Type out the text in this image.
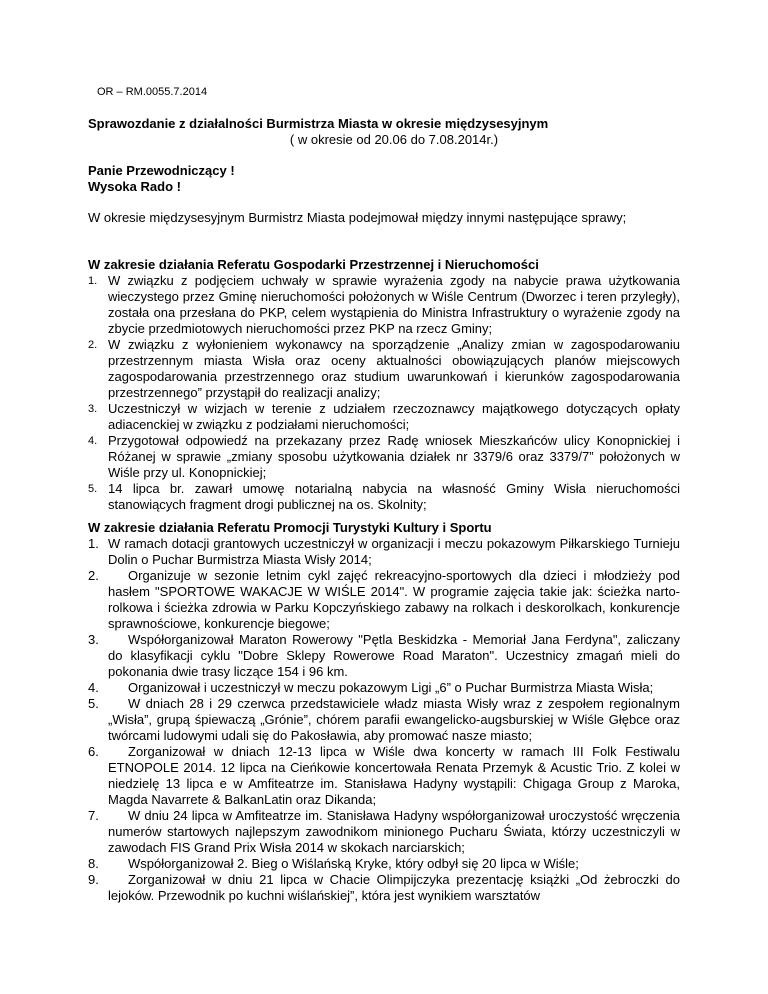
OR – RM.0055.7.2014
Sprawozdanie z działalności Burmistrza Miasta w okresie międzysesyjnym
( w okresie od 20.06 do 7.08.2014r.)
Panie Przewodniczący !
Wysoka Rado !
W okresie międzysesyjnym Burmistrz Miasta podejmował między innymi następujące sprawy;
W zakresie działania Referatu Gospodarki Przestrzennej i Nieruchomości
1. W związku z podjęciem uchwały w sprawie wyrażenia zgody na nabycie prawa użytkowania wieczystego przez Gminę nieruchomości położonych w Wiśle Centrum (Dworzec i teren przyległy), została ona przesłana do PKP, celem wystąpienia do Ministra Infrastruktury o wyrażenie zgody na zbycie przedmiotowych nieruchomości przez PKP na rzecz Gminy;
2. W związku z wyłonieniem wykonawcy na sporządzenie „Analizy zmian w zagospodarowaniu przestrzennym miasta Wisła oraz oceny aktualności obowiązujących planów miejscowych zagospodarowania przestrzennego oraz studium uwarunkowań i kierunków zagospodarowania przestrzennego” przystąpił do realizacji analizy;
3. Uczestniczył w wizjach w terenie z udziałem rzeczoznawcy majątkowego dotyczących opłaty adiacenckiej w związku z podziałami nieruchomości;
4. Przygotował odpowiedź na przekazany przez Radę wniosek Mieszkańców ulicy Konopnickiej i Różanej w sprawie „zmiany sposobu użytkowania działek nr 3379/6 oraz 3379/7” położonych w Wiśle przy ul. Konopnickiej;
5. 14 lipca br. zawarł umowę notarialną nabycia na własność Gminy Wisła nieruchomości stanowiących fragment drogi publicznej na os. Skolnity;
W zakresie działania Referatu Promocji Turystyki Kultury i Sportu
1. W ramach dotacji grantowych uczestniczył w organizacji i meczu pokazowym Piłkarskiego Turnieju Dolin o Puchar Burmistrza Miasta Wisły 2014;
2. Organizuje w sezonie letnim cykl zajęć rekreacyjno-sportowych dla dzieci i młodzieży pod hasłem "SPORTOWE WAKACJE W WIŚLE 2014". W programie zajęcia takie jak: ścieżka narto-rolkowa i ścieżka zdrowia w Parku Kopczyńskiego zabawy na rolkach i deskorolkach, konkurencje sprawnościowe, konkurencje biegowe;
3. Współorganizował Maraton Rowerowy "Pętla Beskidzka - Memoriał Jana Ferdyna", zaliczany do klasyfikacji cyklu "Dobre Sklepy Rowerowe Road Maraton". Uczestnicy zmagań mieli do pokonania dwie trasy liczące 154 i 96 km.
4. Organizował i uczestniczył w meczu pokazowym Ligi „6” o Puchar Burmistrza Miasta Wisła;
5. W dniach 28 i 29 czerwca przedstawiciele władz miasta Wisły wraz z zespołem regionalnym „Wisła”, grupą śpiewaczą „Grónie”, chórem parafii ewangelicko-augsburskiej w Wiśle Głębce oraz twórcami ludowymi udali się do Pakosławia, aby promować nasze miasto;
6. Zorganizował w dniach 12-13 lipca w Wiśle dwa koncerty w ramach III Folk Festiwalu ETNOPOLE 2014. 12 lipca na Cieńkowie koncertowała Renata Przemyk & Acustic Trio. Z kolei w niedzielę 13 lipca e w Amfiteatrze im. Stanisława Hadyny wystąpili: Chigaga Group z Maroka, Magda Navarrete & BalkanLatin oraz Dikanda;
7. W dniu 24 lipca w Amfiteatrze im. Stanisława Hadyny współorganizował uroczystość wręczenia numerów startowych najlepszym zawodnikom minionego Pucharu Świata, którzy uczestniczyli w zawodach FIS Grand Prix Wisła 2014 w skokach narciarskich;
8. Współorganizował 2. Bieg o Wiślańską Kryke, który odbył się 20 lipca w Wiśle;
9. Zorganizował w dniu 21 lipca w Chacie Olimpijczyka prezentację książki „Od żebroczki do lejoków. Przewodnik po kuchni wiślańskiej”, która jest wynikiem warsztatów
